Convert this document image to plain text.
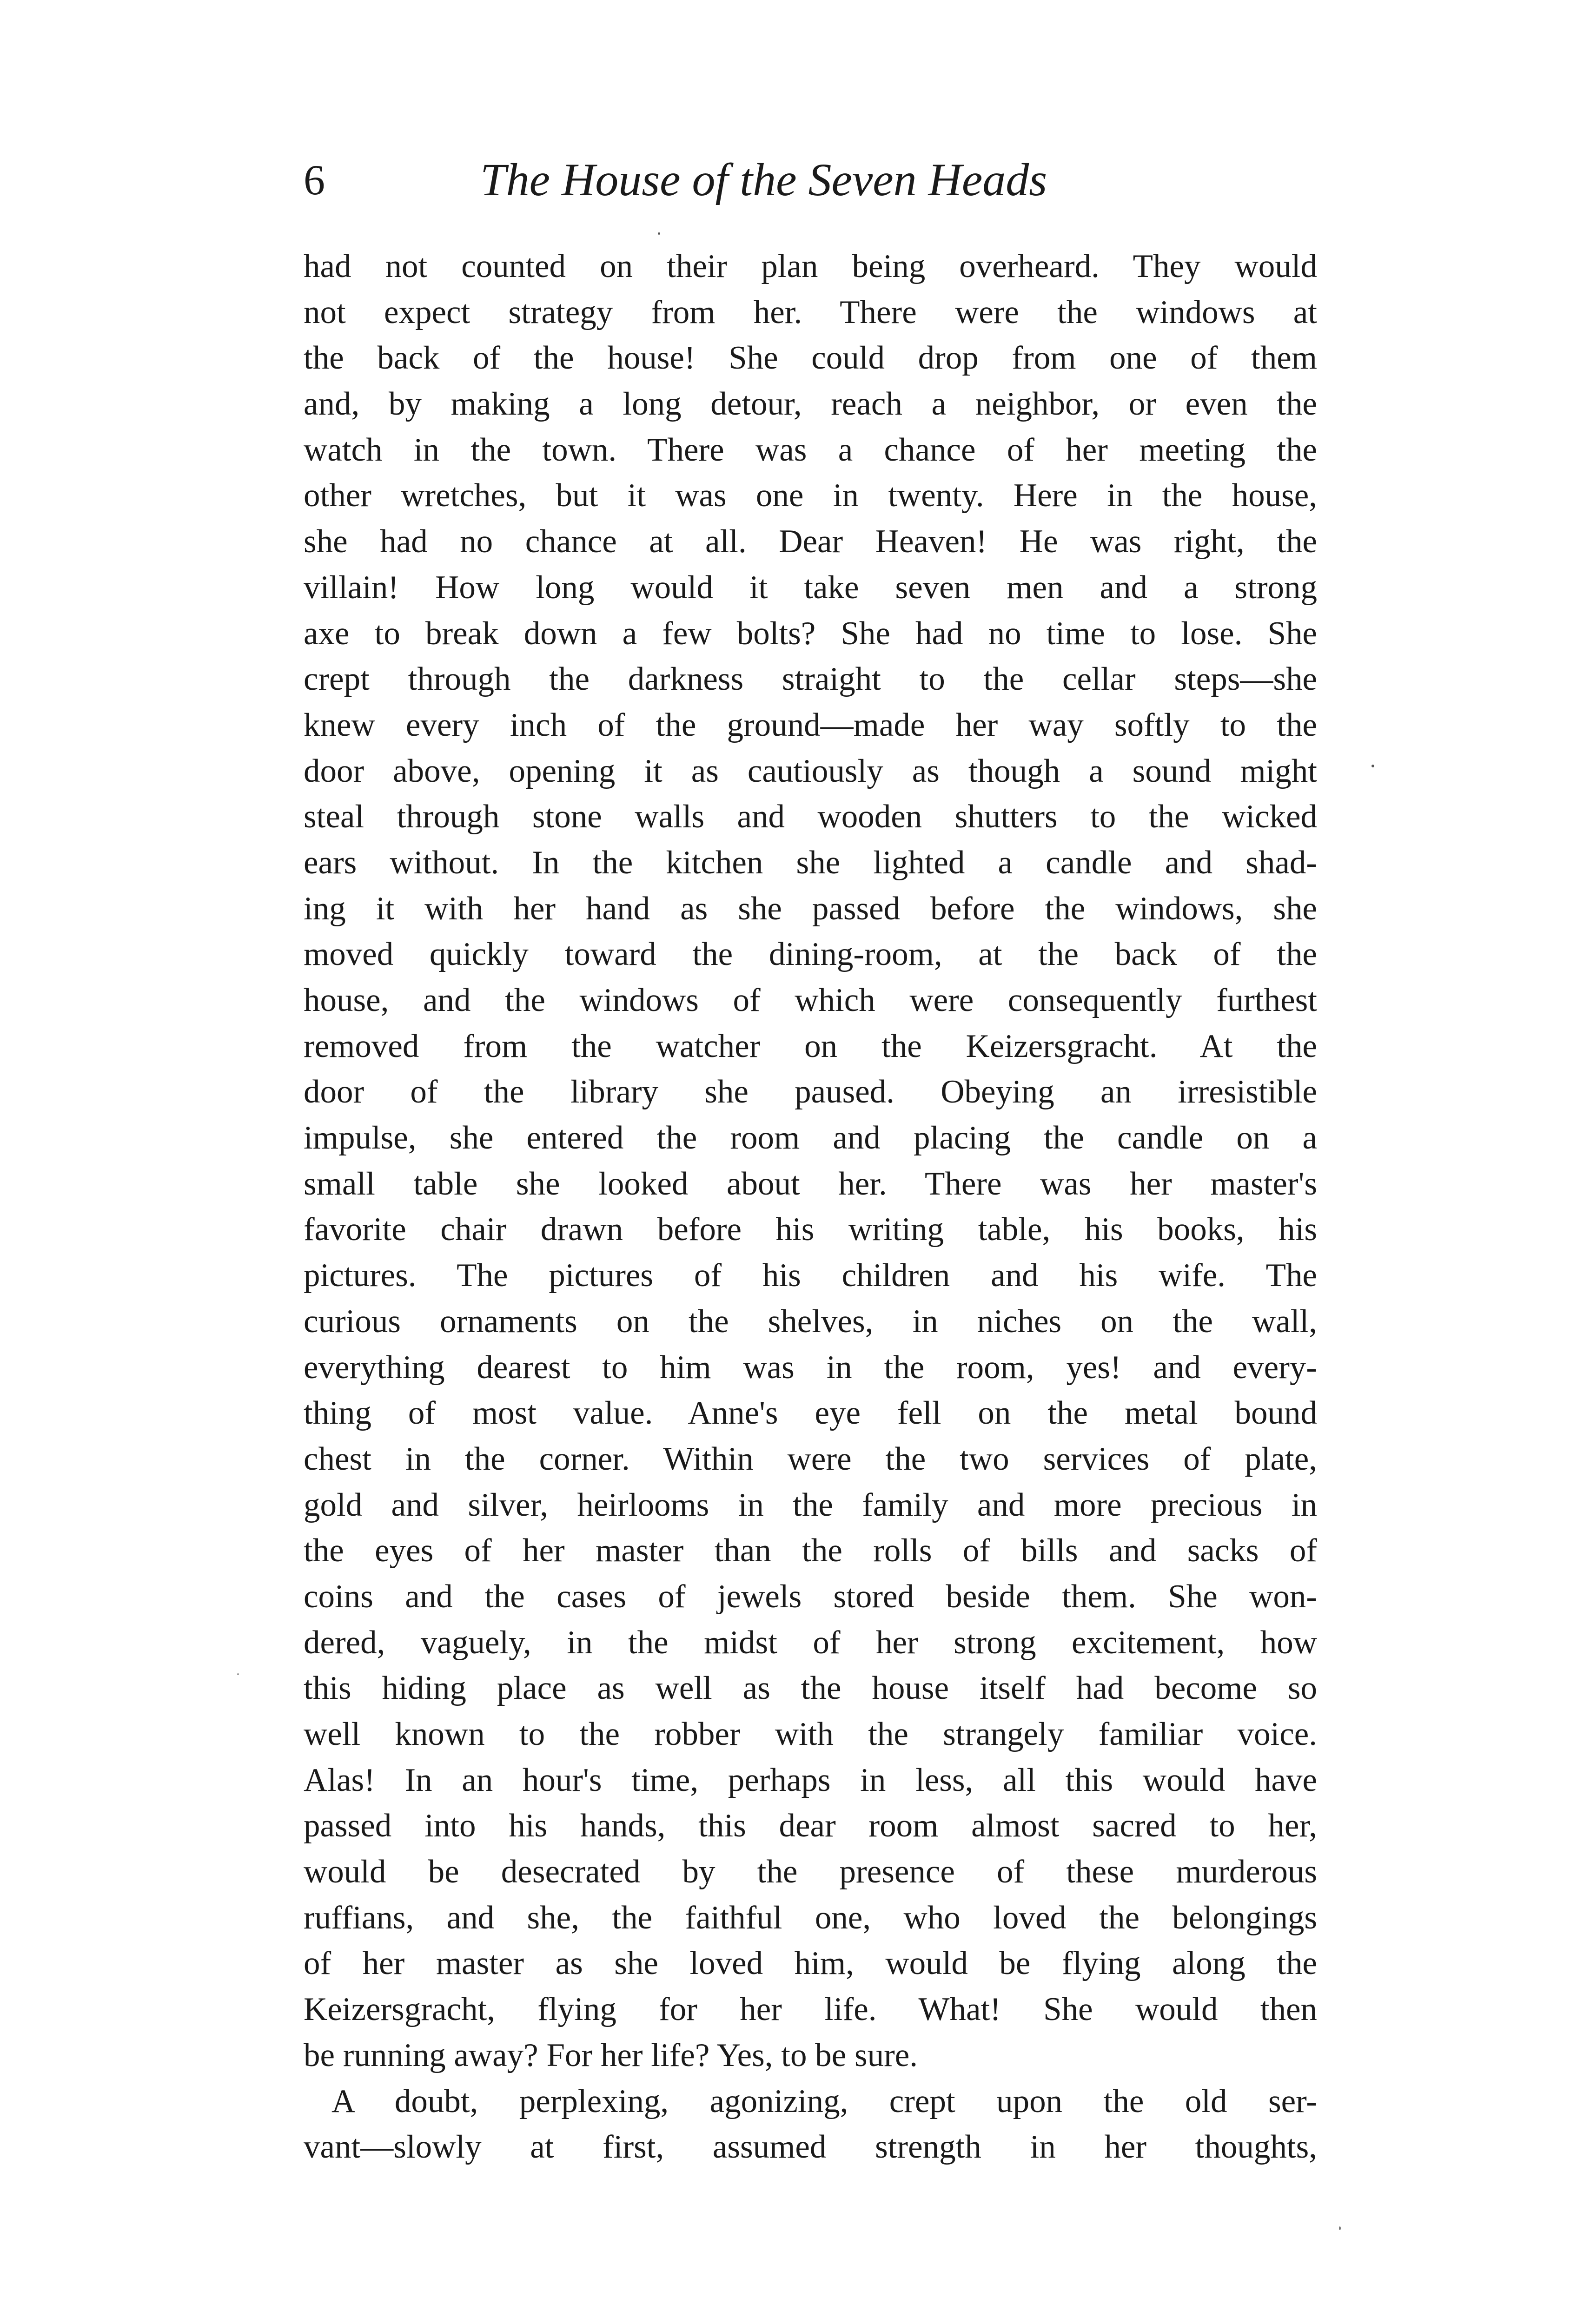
6	The House of the Seven Heads
had not counted on their plan being overheard. They would
not expect strategy from her. There were the windows at
the back of the house! She could drop from one of them
and, by making a long detour, reach a neighbor, or even the
watch in the town. There was a chance of her meeting the
other wretches, but it was one in twenty. Here in the house,
she had no chance at all. Dear Heaven! He was right, the
villain! How long would it take seven men and a strong
axe to break down a few bolts? She had no time to lose. She
crept through the darkness straight to the cellar steps—she
knew every inch of the ground—made her way softly to the
door above, opening it as cautiously as though a sound might
steal through stone walls and wooden shutters to the wicked
ears without. In the kitchen she lighted a candle and shad-
ing it with her hand as she passed before the windows, she
moved quickly toward the dining-room, at the back of the
house, and the windows of which were consequently furthest
removed from the watcher on the Keizersgracht. At the
door of the library she paused. Obeying an irresistible
impulse, she entered the room and placing the candle on a
small table she looked about her. There was her master's
favorite chair drawn before his writing table, his books, his
pictures. The pictures of his children and his wife. The
curious ornaments on the shelves, in niches on the wall,
everything dearest to him was in the room, yes! and every-
thing of most value. Anne's eye fell on the metal bound
chest in the corner. Within were the two services of plate,
gold and silver, heirlooms in the family and more precious in
the eyes of her master than the rolls of bills and sacks of
coins and the cases of jewels stored beside them. She won-
dered, vaguely, in the midst of her strong excitement, how
this hiding place as well as the house itself had become so
well known to the robber with the strangely familiar voice.
Alas! In an hour's time, perhaps in less, all this would have
passed into his hands, this dear room almost sacred to her,
would be desecrated by the presence of these murderous
ruffians, and she, the faithful one, who loved the belongings
of her master as she loved him, would be flying along the
Keizersgracht, flying for her life. What! She would then
be running away? For her life? Yes, to be sure.
A doubt, perplexing, agonizing, crept upon the old ser-
vant—slowly at first, assumed strength in her thoughts,
